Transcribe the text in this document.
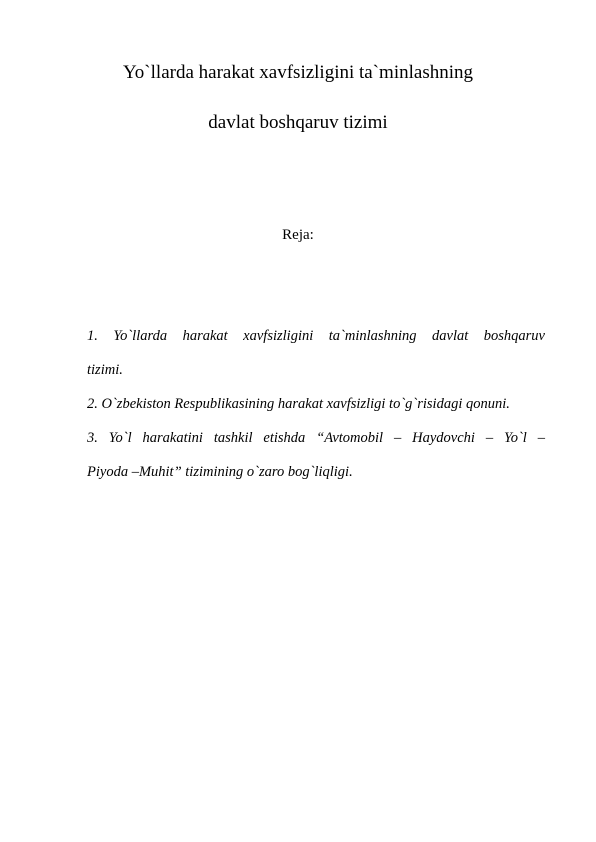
Yo`llarda harakat xavfsizligini ta`minlashning
davlat boshqaruv tizimi
Reja:
1. Yo`llarda harakat xavfsizligini ta`minlashning davlat boshqaruv
tizimi.
2. O`zbekiston Respublikasining harakat xavfsizligi to`g`risidagi qonuni.
3. Yo`l harakatini tashkil etishda “Avtomobil – Haydovchi – Yo`l –
Piyoda –Muhit” tizimining o`zaro bog`liqligi.
